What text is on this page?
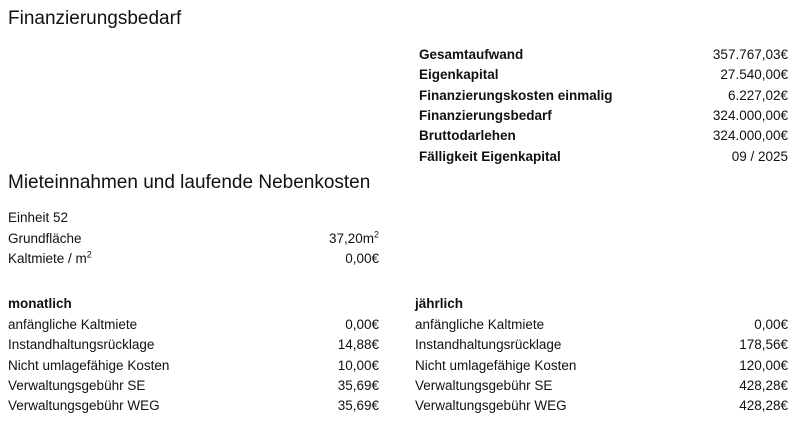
Finanzierungsbedarf
Gesamtaufwand	357.767,03€
Eigenkapital	27.540,00€
Finanzierungskosten einmalig	6.227,02€
Finanzierungsbedarf	324.000,00€
Bruttodarlehen	324.000,00€
Fälligkeit Eigenkapital	09 / 2025
Mieteinnahmen und laufende Nebenkosten
Einheit 52
Grundfläche	$37,20m^2$
Kaltmiete / $m^2$	0,00€
monatlich
anfängliche Kaltmiete	0,00€
Instandhaltungsrücklage	14,88€
Nicht umlagefähige Kosten	10,00€
Verwaltungsgebühr SE	35,69€
Verwaltungsgebühr WEG	35,69€
jährlich
anfängliche Kaltmiete	0,00€
Instandhaltungsrücklage	178,56€
Nicht umlagefähige Kosten	120,00€
Verwaltungsgebühr SE	428,28€
Verwaltungsgebühr WEG	428,28€
